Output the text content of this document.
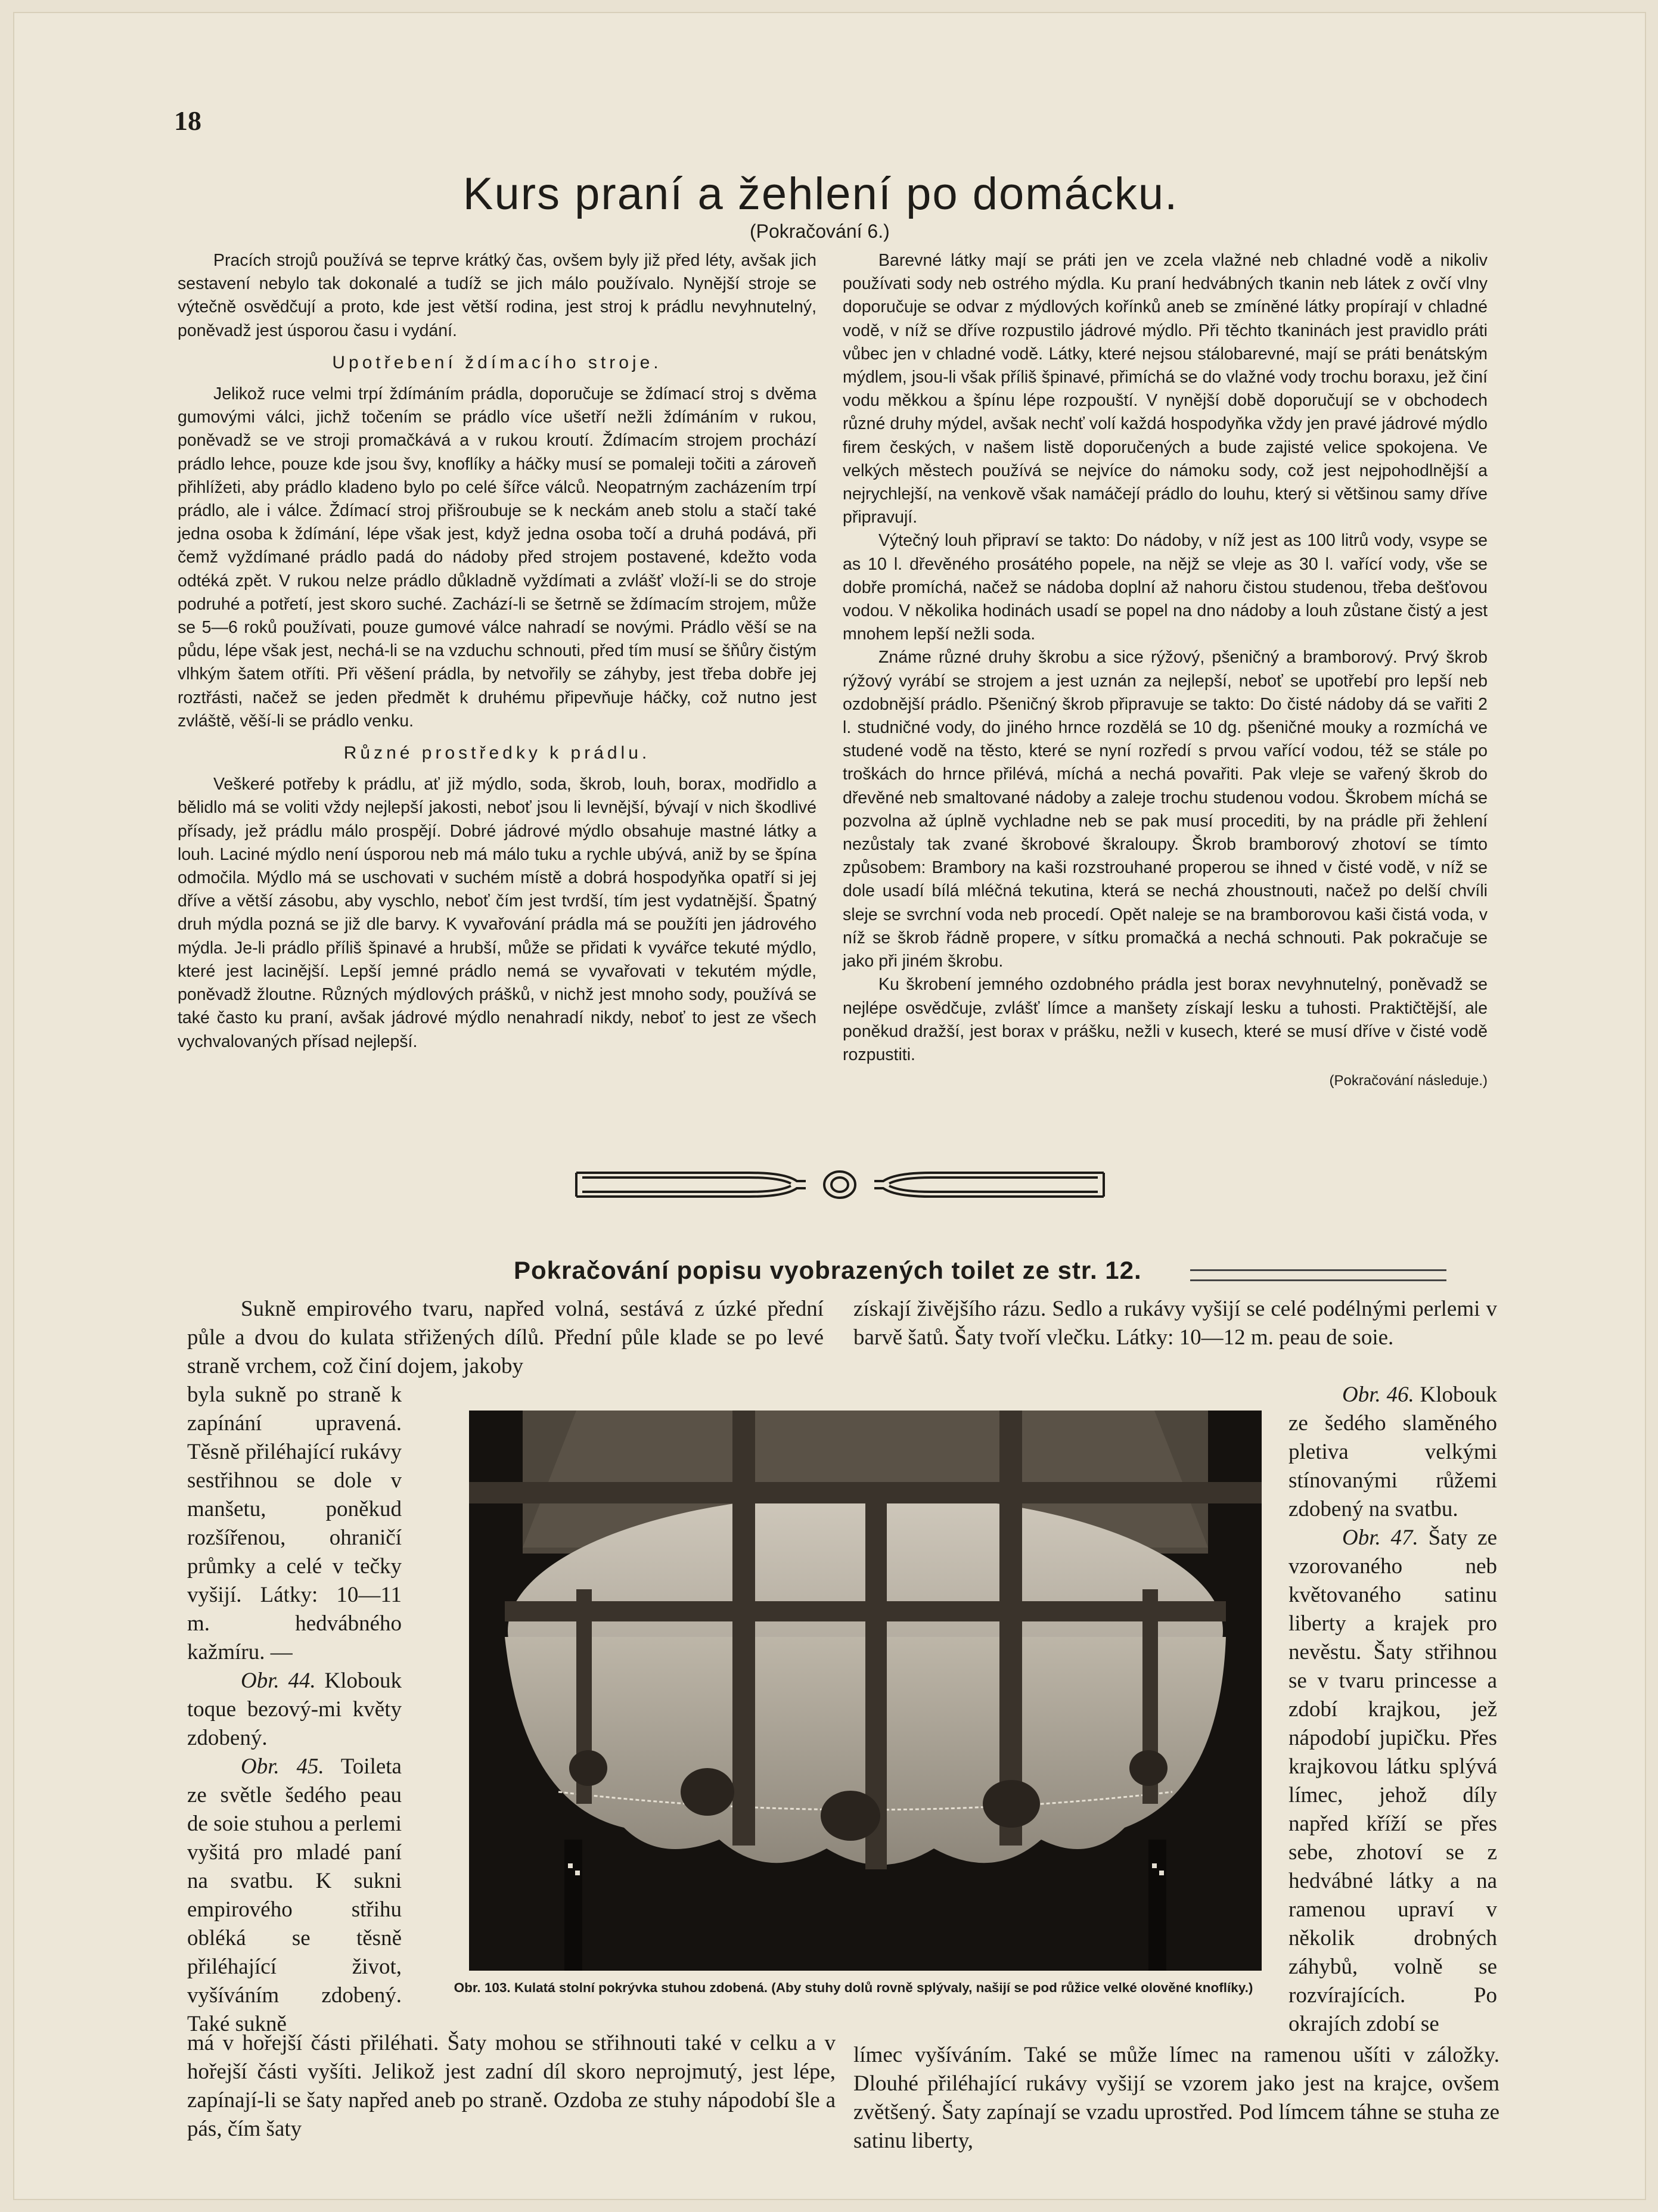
18
Kurs praní a žehlení po domácku.
(Pokračování 6.)

Pracích strojů používá se teprve krátký čas, ovšem byly již před léty, avšak jich sestavení nebylo tak dokonalé a tudíž se jich málo používalo. Nynější stroje se výtečně osvědčují a proto, kde jest větší rodina, jest stroj k prádlu nevyhnutelný, poněvadž jest úsporou času i vydání.

Upotřebení ždímacího stroje.

Jelikož ruce velmi trpí ždímáním prádla, doporučuje se ždímací stroj s dvěma gumovými válci, jichž točením se prádlo více ušetří nežli ždímáním v rukou, poněvadž se ve stroji promačkává a v rukou kroutí. Ždímacím strojem prochází prádlo lehce, pouze kde jsou švy, knoflíky a háčky musí se pomaleji točiti a zároveň přihlížeti, aby prádlo kladeno bylo po celé šířce válců. Neopatrným zacházením trpí prádlo, ale i válce. Ždímací stroj přišroubuje se k neckám aneb stolu a stačí také jedna osoba k ždímání, lépe však jest, když jedna osoba točí a druhá podává, při čemž vyždímané prádlo padá do nádoby před strojem postavené, kdežto voda odtéká zpět. V rukou nelze prádlo důkladně vyždímati a zvlášť vloží-li se do stroje podruhé a potřetí, jest skoro suché. Zachází-li se šetrně se ždímacím strojem, může se 5—6 roků používati, pouze gumové válce nahradí se novými. Prádlo věší se na půdu, lépe však jest, nechá-li se na vzduchu schnouti, před tím musí se šňůry čistým vlhkým šatem otříti. Při věšení prádla, by netvořily se záhyby, jest třeba dobře jej roztřásti, načež se jeden předmět k druhému připevňuje háčky, což nutno jest zvláště, věší-li se prádlo venku.

Různé prostředky k prádlu.

Veškeré potřeby k prádlu, ať již mýdlo, soda, škrob, louh, borax, modřidlo a bělidlo má se voliti vždy nejlepší jakosti, neboť jsou li levnější, bývají v nich škodlivé přísady, jež prádlu málo prospějí. Dobré jádrové mýdlo obsahuje mastné látky a louh. Laciné mýdlo není úsporou neb má málo tuku a rychle ubývá, aniž by se špína odmočila. Mýdlo má se uschovati v suchém místě a dobrá hospodyňka opatří si jej dříve a větší zásobu, aby vyschlo, neboť čím jest tvrdší, tím jest vydatnější. Špatný druh mýdla pozná se již dle barvy. K vyvařování prádla má se použíti jen jádrového mýdla. Je-li prádlo příliš špinavé a hrubší, může se přidati k vyvářce tekuté mýdlo, které jest lacinější. Lepší jemné prádlo nemá se vyvařovati v tekutém mýdle, poněvadž žloutne. Různých mýdlových prášků, v nichž jest mnoho sody, používá se také často ku praní, avšak jádrové mýdlo nenahradí nikdy, neboť to jest ze všech vychvalovaných přísad nejlepší.

Barevné látky mají se práti jen ve zcela vlažné neb chladné vodě a nikoliv používati sody neb ostrého mýdla. Ku praní hedvábných tkanin neb látek z ovčí vlny doporučuje se odvar z mýdlových kořínků aneb se zmíněné látky propírají v chladné vodě, v níž se dříve rozpustilo jádrové mýdlo. Při těchto tkaninách jest pravidlo práti vůbec jen v chladné vodě. Látky, které nejsou stálobarevné, mají se práti benátským mýdlem, jsou-li však příliš špinavé, přimíchá se do vlažné vody trochu boraxu, jež činí vodu měkkou a špínu lépe rozpouští. V nynější době doporučují se v obchodech různé druhy mýdel, avšak nechť volí každá hospodyňka vždy jen pravé jádrové mýdlo firem českých, v našem listě doporučených a bude zajisté velice spokojena. Ve velkých městech používá se nejvíce do námoku sody, což jest nejpohodlnější a nejrychlejší, na venkově však namáčejí prádlo do louhu, který si většinou samy dříve připravují.

Výtečný louh připraví se takto: Do nádoby, v níž jest as 100 litrů vody, vsype se as 10 l. dřevěného prosátého popele, na nějž se vleje as 30 l. vařící vody, vše se dobře promíchá, načež se nádoba doplní až nahoru čistou studenou, třeba dešťovou vodou. V několika hodinách usadí se popel na dno nádoby a louh zůstane čistý a jest mnohem lepší nežli soda.

Známe různé druhy škrobu a sice rýžový, pšeničný a bramborový. Prvý škrob rýžový vyrábí se strojem a jest uznán za nejlepší, neboť se upotřebí pro lepší neb ozdobnější prádlo. Pšeničný škrob připravuje se takto: Do čisté nádoby dá se vařiti 2 l. studničné vody, do jiného hrnce rozdělá se 10 dg. pšeničné mouky a rozmíchá ve studené vodě na těsto, které se nyní rozředí s prvou vařící vodou, též se stále po troškách do hrnce přilévá, míchá a nechá povařiti. Pak vleje se vařený škrob do dřevěné neb smaltované nádoby a zaleje trochu studenou vodou. Škrobem míchá se pozvolna až úplně vychladne neb se pak musí procediti, by na prádle při žehlení nezůstaly tak zvané škrobové škraloupy. Škrob bramborový zhotoví se tímto způsobem: Brambory na kaši rozstrouhané properou se ihned v čisté vodě, v níž se dole usadí bílá mléčná tekutina, která se nechá zhoustnouti, načež po delší chvíli sleje se svrchní voda neb procedí. Opět naleje se na bramborovou kaši čistá voda, v níž se škrob řádně propere, v sítku promačká a nechá schnouti. Pak pokračuje se jako při jiném škrobu.

Ku škrobení jemného ozdobného prádla jest borax nevyhnutelný, poněvadž se nejlépe osvědčuje, zvlášť límce a manšety získají lesku a tuhosti. Praktičtější, ale poněkud dražší, jest borax v prášku, nežli v kusech, které se musí dříve v čisté vodě rozpustiti.

(Pokračování následuje.)
Pokračování popisu vyobrazených toilet ze str. 12.

Sukně empirového tvaru, napřed volná, sestává z úzké přední půle a dvou do kulata střižených dílů. Přední půle klade se po levé straně vrchem, což činí dojem, jakoby

byla sukně po straně k zapínání upravená. Těsně přiléhající rukávy sestřihnou se dole v manšetu, poněkud rozšířenou, ohraničí průmky a celé v tečky vyšijí. Látky: 10—11 m. hedvábného kažmíru. —

Obr. 44. Klobouk toque bezový-mi květy zdobený.

Obr. 45. Toileta ze světle šedého peau de soie stuhou a perlemi vyšitá pro mladé paní na svatbu. K sukni empirového střihu obléká se těsně přiléhající život, vyšíváním zdobený. Také sukně

získají živějšího rázu. Sedlo a rukávy vyšijí se celé podélnými perlemi v barvě šatů. Šaty tvoří vlečku. Látky: 10—12 m. peau de soie.

Obr. 46. Klobouk ze šedého slaměného pletiva velkými stínovanými růžemi zdobený na svatbu.

Obr. 47. Šaty ze vzorovaného neb květovaného satinu liberty a krajek pro nevěstu. Šaty střihnou se v tvaru princesse a zdobí krajkou, jež nápodobí jupičku. Přes krajkovou látku splývá límec, jehož díly napřed kříží se přes sebe, zhotoví se z hedvábné látky a na ramenou upraví v několik drobných záhybů, volně se rozvírajících. Po okrajích zdobí se

Obr. 103. Kulatá stolní pokrývka stuhou zdobená. (Aby stuhy dolů rovně splývaly, našijí se pod růžice velké olověné knoflíky.)

má v hořejší části přiléhati. Šaty mohou se střihnouti také v celku a v hořejší části vyšíti. Jelikož jest zadní díl skoro neprojmutý, jest lépe, zapínají-li se šaty napřed aneb po straně. Ozdoba ze stuhy nápodobí šle a pás, čím šaty

límec vyšíváním. Také se může límec na ramenou ušíti v záložky. Dlouhé přiléhající rukávy vyšijí se vzorem jako jest na krajce, ovšem zvětšený. Šaty zapínají se vzadu uprostřed. Pod límcem táhne se stuha ze satinu liberty,
